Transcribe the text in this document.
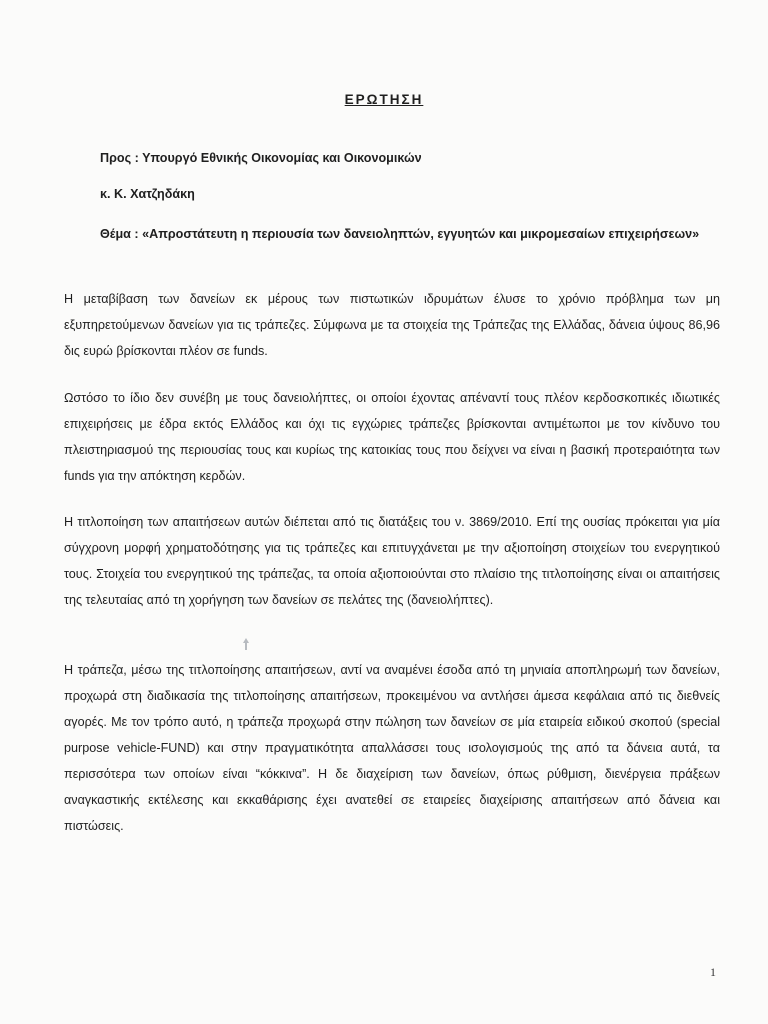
ΕΡΩΤΗΣΗ
Προς : Υπουργό Εθνικής Οικονομίας και Οικονομικών
κ. Κ. Χατζηδάκη
Θέμα : «Απροστάτευτη η περιουσία των δανειοληπτών, εγγυητών και μικρομεσαίων επιχειρήσεων»
Η μεταβίβαση των δανείων εκ μέρους των πιστωτικών ιδρυμάτων έλυσε το χρόνιο πρόβλημα των μη εξυπηρετούμενων δανείων για τις τράπεζες. Σύμφωνα με τα στοιχεία της Τράπεζας της Ελλάδας, δάνεια ύψους 86,96 δις ευρώ βρίσκονται πλέον σε funds.
Ωστόσο το ίδιο δεν συνέβη με τους δανειολήπτες, οι οποίοι έχοντας απέναντί τους πλέον κερδοσκοπικές ιδιωτικές επιχειρήσεις με έδρα εκτός Ελλάδος και όχι τις εγχώριες τράπεζες βρίσκονται αντιμέτωποι με τον κίνδυνο του πλειστηριασμού της περιουσίας τους και κυρίως της κατοικίας τους που δείχνει να είναι η βασική προτεραιότητα των funds για την απόκτηση κερδών.
Η τιτλοποίηση των απαιτήσεων αυτών διέπεται από τις διατάξεις του ν. 3869/2010. Επί της ουσίας πρόκειται για μία σύγχρονη μορφή χρηματοδότησης για τις τράπεζες και επιτυγχάνεται με την αξιοποίηση στοιχείων του ενεργητικού τους. Στοιχεία του ενεργητικού της τράπεζας, τα οποία αξιοποιούνται στο πλαίσιο της τιτλοποίησης είναι οι απαιτήσεις της τελευταίας από τη χορήγηση των δανείων σε πελάτες της (δανειολήπτες).
Η τράπεζα, μέσω της τιτλοποίησης απαιτήσεων, αντί να αναμένει έσοδα από τη μηνιαία αποπληρωμή των δανείων, προχωρά στη διαδικασία της τιτλοποίησης απαιτήσεων, προκειμένου να αντλήσει άμεσα κεφάλαια από τις διεθνείς αγορές. Με τον τρόπο αυτό, η τράπεζα προχωρά στην πώληση των δανείων σε μία εταιρεία ειδικού σκοπού (special purpose vehicle-FUND) και στην πραγματικότητα απαλλάσσει τους ισολογισμούς της από τα δάνεια αυτά, τα περισσότερα των οποίων είναι “κόκκινα”. Η δε διαχείριση των δανείων, όπως ρύθμιση, διενέργεια πράξεων αναγκαστικής εκτέλεσης και εκκαθάρισης έχει ανατεθεί σε εταιρείες διαχείρισης απαιτήσεων από δάνεια και πιστώσεις.
1
